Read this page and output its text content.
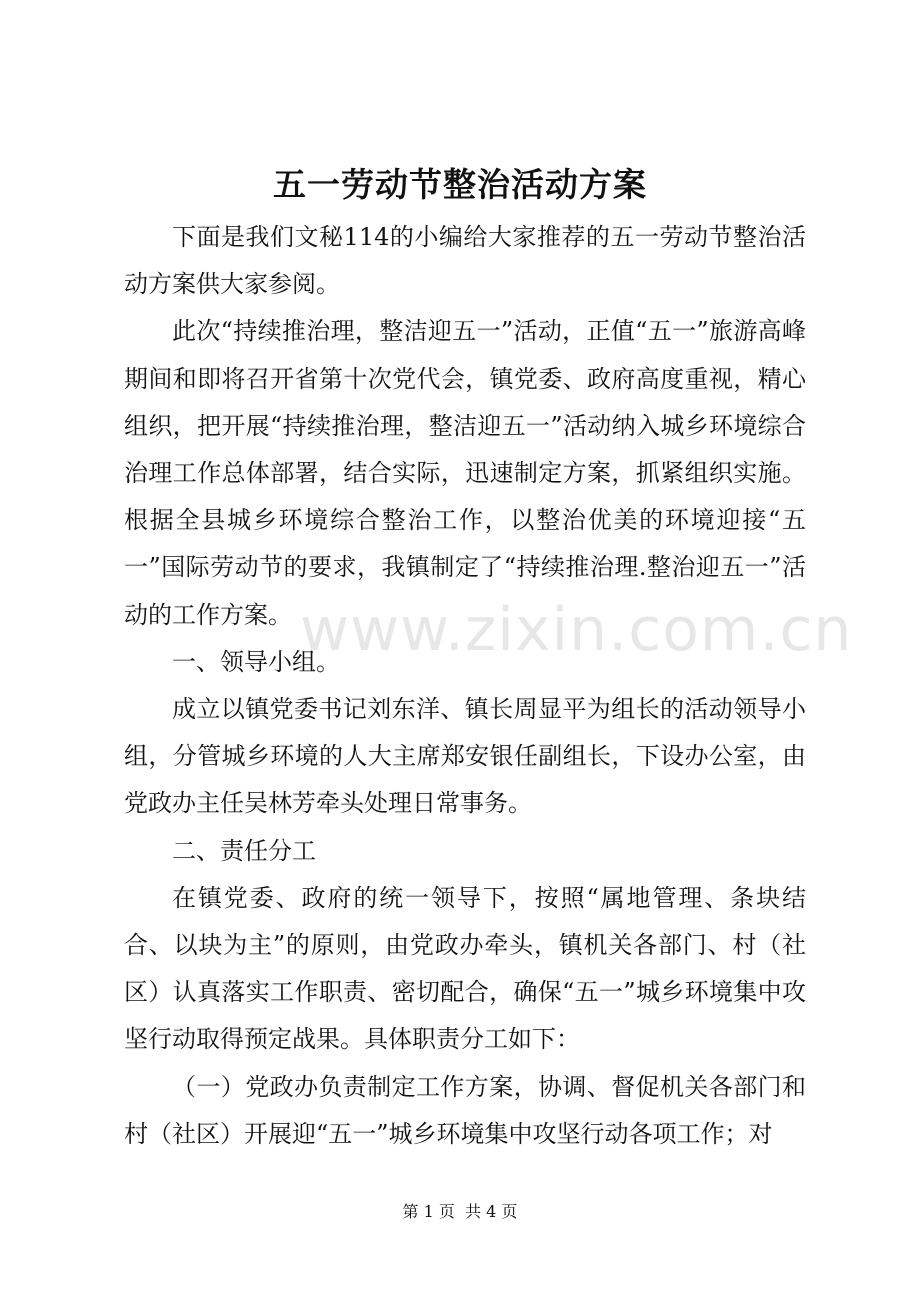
五一劳动节整治活动方案

下面是我们文秘114的小编给大家推荐的五一劳动节整治活动方案供大家参阅。

此次“持续推治理，整洁迎五一”活动，正值“五一”旅游高峰期间和即将召开省第十次党代会，镇党委、政府高度重视，精心组织，把开展“持续推治理，整洁迎五一”活动纳入城乡环境综合治理工作总体部署，结合实际，迅速制定方案，抓紧组织实施。根据全县城乡环境综合整治工作，以整治优美的环境迎接“五一”国际劳动节的要求，我镇制定了“持续推治理.整治迎五一”活动的工作方案。

一、领导小组。

成立以镇党委书记刘东洋、镇长周显平为组长的活动领导小组，分管城乡环境的人大主席郑安银任副组长，下设办公室，由党政办主任吴林芳牵头处理日常事务。

二、责任分工

在镇党委、政府的统一领导下，按照“属地管理、条块结合、以块为主”的原则，由党政办牵头，镇机关各部门、村（社区）认真落实工作职责、密切配合，确保“五一”城乡环境集中攻坚行动取得预定战果。具体职责分工如下：

（一）党政办负责制定工作方案，协调、督促机关各部门和村（社区）开展迎“五一”城乡环境集中攻坚行动各项工作；对

www.zixin.com.cn
第 1 页  共 4 页
